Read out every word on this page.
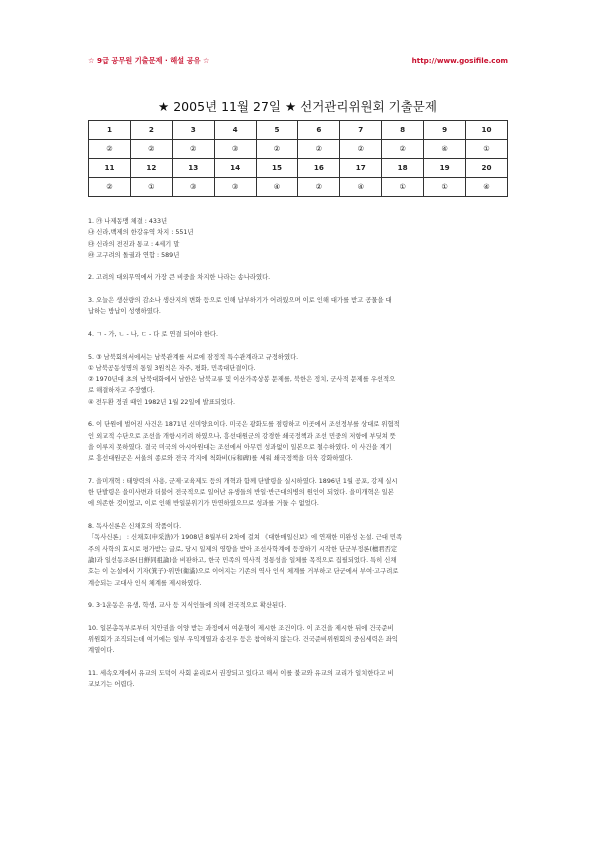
☆ 9급 공무원 기출문제 · 해설 공유 ☆	http://www.gosifile.com
★ 2005년 11월 27일 ★ 선거관리위원회 기출문제
1	2	3	4	5	6	7	8	9	10
②	②	②	③	②	②	②	②	④	①
11	12	13	14	15	16	17	18	19	20
②	①	③	③	④	②	④	①	①	④

1. ㉮ 나제동맹 체결 : 433년

㉯ 신라,백제의 한강유역 차지 : 551년

㉰ 신라의 전진과 통교 : 4세기 말

㉱ 고구려의 돌궐과 연합 : 589년

2. 고려의 대외무역에서 가장 큰 비중을 차지한 나라는 송나라였다.

3. 오늘은 생산량의 감소나 생산지의 변화 등으로 인해 납부하기가 어려웠으며 이로 인해 대가를 받고 공물을 대

납하는 방납이 성행하였다.

4. ㄱ - 가, ㄴ - 나, ㄷ - 다 로 연결 되어야 한다.

5. ③ 남북회의서에서는 남북관계를 서로에 잠정적 특수관계라고 규정하였다.

① 남북공동성명의 통일 3원칙은 자주, 평화, 민족대단결이다.

② 1970년대 초의 남북대화에서 남한은 남북교류 및 이산가족상봉 문제를, 북한은 정치, 군사적 문제를 우선적으

로 해결하자고 주장했다.

④ 전두환 정권 때인 1982년 1월 22일에 발표되었다.

6. 이 단원에 벌어진 사건은 1871년 신미양요이다. 미국은 광화도를 점령하고 이곳에서 조선정부를 상대로 위협적

인 외교적 수단으로 조선을 개항시키려 하였으나, 흥선대원군의 강경한 쇄국정책과 조선 민중의 저항에 부딪쳐 뜻

을 이루지 못하였다. 결국 미국의 아시아원대는 조선에서 아무런 성과없이 일본으로 철수하였다. 이 사건을 계기

로 흥선대원군은 서울의 종로와 전국 각지에 척화비(斥和碑)를 세워 쇄국정책을 더욱 강화하였다.

7. 을미개혁 : 태양력의 사용, 군제·교육제도 등의 개혁과 함께 단발령을 실시하였다. 1896년 1월 공포, 강제 실시

한 단발령은 을미사변과 더불어 전국적으로 일어난 유생들의 반일·반근대의병의 원인이 되었다. 을미개혁은 일본

에 의존한 것이었고, 이로 인해 반일분위기가 만연하였으므로 성과를 거둘 수 없었다.

8. 독사신론은 신채호의 작품이다.

「독사신론」 : 신채호(申采浩)가 1908년 8월부터 2차에 걸쳐 《대한매일신보》에 연재한 미완성 논설. 근대 민족

주의 사학의 효시로 평가받는 글로, 당시 일제의 영향을 받아 조선사학계에 등장하기 시작한 단군부정론(檀君否定

論)과 일선동조론(日鮮同祖論)을 비판하고, 한국 민족의 역사적 정통성을 일체를 목적으로 집필되었다. 특히 신채

호는 이 논설에서 기자(箕子)·위만(衛滿)으로 이어지는 기존의 역사 인식 체계를 거부하고 단군에서 부여·고구려로

계승되는 고대사 인식 체계를 제시하였다.

9. 3·1운동은 유생, 학생, 교사 등 지식인들에 의해 전국적으로 확산된다.

10. 일본총독부로부터 치안권을 이양 받는 과정에서 여운형이 제시한 조건이다. 이 조건을 제시한 뒤에 건국준비

위원회가 조직되는데 여기에는 일부 우익계열과 송진우 등은 참여하지 않는다. 건국준비위원회의 중심세력은 좌익

계열이다.

11. 세속오계에서 유교의 도덕이 사회 윤리로서 권장되고 있다고 해서 이를 불교와 유교의 교리가 일치한다고 비

교보기는 어렵다.
